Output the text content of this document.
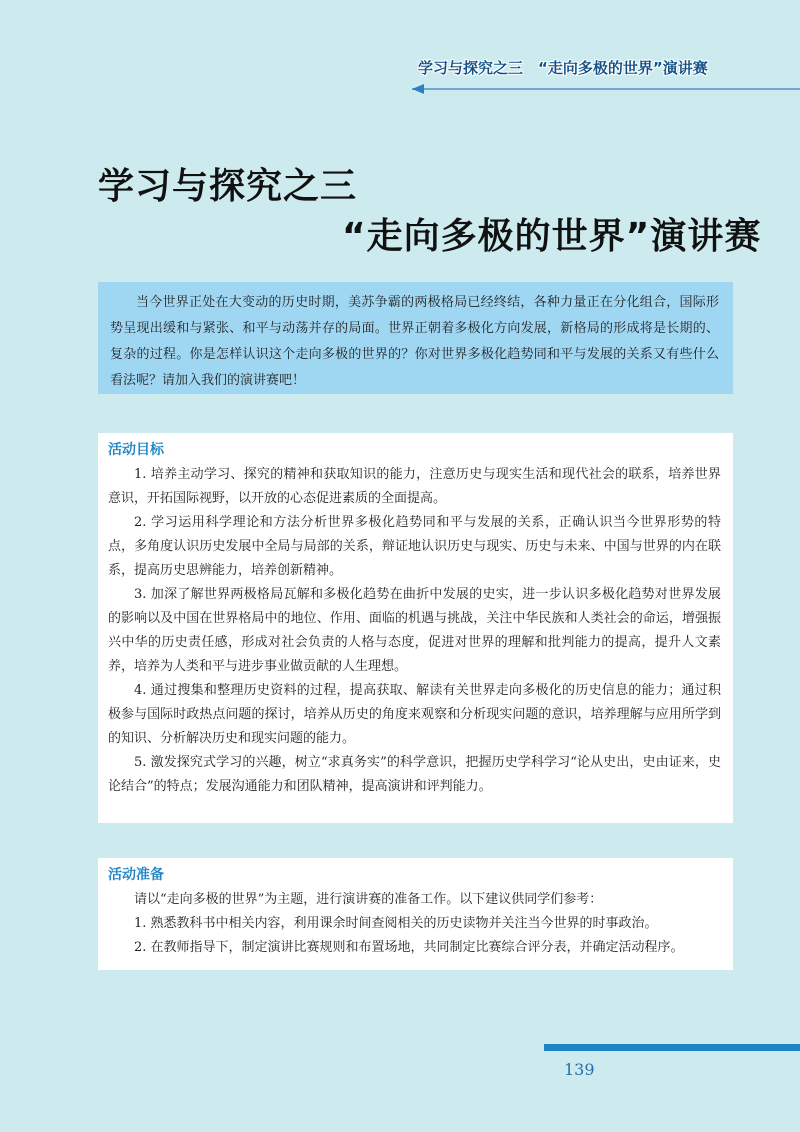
学习与探究之三　“走向多极的世界”演讲赛
学习与探究之三
“走向多极的世界”演讲赛
当今世界正处在大变动的历史时期，美苏争霸的两极格局已经终结，各种力量正在分化组合，国际形势呈现出缓和与紧张、和平与动荡并存的局面。世界正朝着多极化方向发展，新格局的形成将是长期的、复杂的过程。你是怎样认识这个走向多极的世界的？你对世界多极化趋势同和平与发展的关系又有些什么看法呢？请加入我们的演讲赛吧！
活动目标

1. 培养主动学习、探究的精神和获取知识的能力，注意历史与现实生活和现代社会的联系，培养世界意识，开拓国际视野，以开放的心态促进素质的全面提高。

2. 学习运用科学理论和方法分析世界多极化趋势同和平与发展的关系，正确认识当今世界形势的特点，多角度认识历史发展中全局与局部的关系，辩证地认识历史与现实、历史与未来、中国与世界的内在联系，提高历史思辨能力，培养创新精神。

3. 加深了解世界两极格局瓦解和多极化趋势在曲折中发展的史实，进一步认识多极化趋势对世界发展的影响以及中国在世界格局中的地位、作用、面临的机遇与挑战，关注中华民族和人类社会的命运，增强振兴中华的历史责任感，形成对社会负责的人格与态度，促进对世界的理解和批判能力的提高，提升人文素养，培养为人类和平与进步事业做贡献的人生理想。

4. 通过搜集和整理历史资料的过程，提高获取、解读有关世界走向多极化的历史信息的能力；通过积极参与国际时政热点问题的探讨，培养从历史的角度来观察和分析现实问题的意识，培养理解与应用所学到的知识、分析解决历史和现实问题的能力。

5. 激发探究式学习的兴趣，树立“求真务实”的科学意识，把握历史学科学习“论从史出，史由证来，史论结合”的特点；发展沟通能力和团队精神，提高演讲和评判能力。

活动准备

请以“走向多极的世界”为主题，进行演讲赛的准备工作。以下建议供同学们参考：

1. 熟悉教科书中相关内容，利用课余时间查阅相关的历史读物并关注当今世界的时事政治。

2. 在教师指导下，制定演讲比赛规则和布置场地，共同制定比赛综合评分表，并确定活动程序。

139
